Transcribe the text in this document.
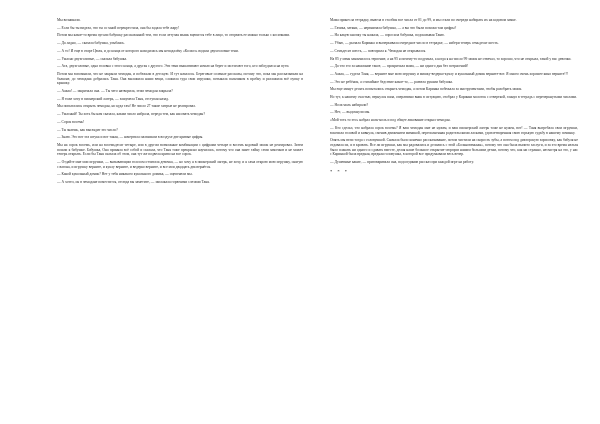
Мы возникали.

— Если бы ты видела, что ты со мной перекрестила, она бы задала тебе жару!

Потом мы какое-то время пугали бабушку рассказанной тем, что если летучая мышь вцепится тебе в лицо, то оторвать ее можно только с косичками.

— Да ладно, — сказала бабушка, улыбаясь.

— А то! И еще в отаре Цюля, и до конца от которого находилась мы неподалёку «Колхоз» водила двухголовые тени.

— Ужасно двухголовые, — сказала бабушка.

— Ага, двухголовые, одна головка с этого конца, а другая с другого. Эти тени вышагивают ночью на берег и застигают того, кто заблудился на пути.

Потом мы вспомнили, что не закрыли чемодан, и побежали в детскую. И тут началось. Береговые соленые рассказы, потому что, пока мы рассказывали на балконе, до чемодана добралась Таня. Она выложила наши вещи, сложила туда свои игрушки, потыкала пальчиком в пробку и разложила всё пупку в крышку.

— Ааааа! — закричала она. — Ты чего натворила, этим чемодан закрыла?

— Я тоже хочу в пионерский лагерь, — зашумела Таня, отступая назад.

Мы попытались открыть чемодан, но куда там! Не число 27 такие хитрые не реагировал.

— Ужасный! Ты хоть бы нам сказала, каким число набрала, переда тем, как насовать чемодан?

— Сорок восемь!

— Ты знаешь, как выглядит это число?

— Знаю. Это вот эта штука и вот такая, — начертила пальчиком в воздухе две кривые цифры.

Мы на сорок восемь, или на восемьдесят четыре, или в другом возможные комбинации с цифрами четыре и восемь кодовый замок не реагировал. Затем пошли к бабушке. Бабушка, Она приняла всё собой и сказала, что Таня тоже прекрасно научилась, потому что она знает тайну семи замочков и не может теперь открыть. Если бы Таня сказала об этом, она тут же подвела криво на все сорок.

— Отдайте мне мои игрушки, — вызывающим голосом отчитала девочка, — но хочу я в пионерский лагерь, не хочу, и я сама открою мою игрушку, снятую с вагона, и игрушку верните, и куклу верните, и ведерко верните, и все мои двадцать два вернётся.

— Какой кукольный домик? Нет у тебя никакого кукольного домика, — оцепенели мы.

— А хотел, он в чемодане поместится, отсюда вы заметите, — заплакала горючими слезами Таня.

Мама принесла тетрадку, вывела в столбик все числа от 01 до 99, и мы стали по очереди набирать их на кодовом замке.

— Гачика, заткни, — нервничала бабушка, — а вы что были похожи там цифры?

— На какую кнопку ты нажала, — спросила бабушка, подсказывая Таню.

— Убью, — рычала Каринка и вычеркивала очередное число в тетрадке, — набери теперь семьдесят шесть.

— Семьдесят шесть, — повторила я. Чемодан не открывался.

На 85 у меня закончилось терпение, а на 95 я почему-то подумала, а когда я на число 99 замок не отвечал, то хорошо, что не открыла, такой у вас девочки.

— Да что это за наказание такое, — прокричала мама, — ни одного дня без потрясений!

— Ааааа, — гудела Таня, — верните мне мою игрушку и мишку-ведерко-куклу и кукольный домик верните-вот. Я много очень хорошее кино верните!!!

— Это не ребёнок, а стихийное бедствие какое-то, — развела руками бабушка.

Мы еще минут десять попытались открыть чемодан, а потом Каринка побежала за инструментами, чтобы разобрать замок.

Но тут, к нашему счастью, вернулся папа, оперативно вник в ситуацию, отобрал у Каринки молоток с отверткой, глянул в тетрадь с перечеркнутыми числами.

— Ноль-ноль набирали?

— Нет, — выдохнули мы.

«Мой тоть то это» набрал ноль-ноль и под общее ликование открыл чемодан.

— Кто сделал, что набрала сорок восемь? Я ваш чемодан мне не нужен, и ваш пионерский лагерь тоже не нужен, вот! — Таня выгребала свои игрушки, вскочила головой и кивнула, сменив движением мимикой, переполненная родительскими ласками, удовлетворенная свою горькую судьбу в нашему починку.

Опять мы вели тогда с головушкой. Сначала было конечно рассказывание, потом чистили на скорость зубы, а потом под дикторскую зарисовку, как бабуля не отдавала их, и в кровать. Все ли игрушки, как мы радовались и делились с этой «Больновенькая», потому что она была выпито заслуги, и за это время нельзя было плакать ни одного и сдавать вместе, делая наше большое открытие-сюрприз нашим большим детям, потому что, как ни странно, несмотря на это, у нас с Каринкой была вредная, вредная головушка, в которой все придумывали весь вечер.

— Душевные какие, — приговаривала она, подсоединив рассказ при каждой игре на работу.

* * *
